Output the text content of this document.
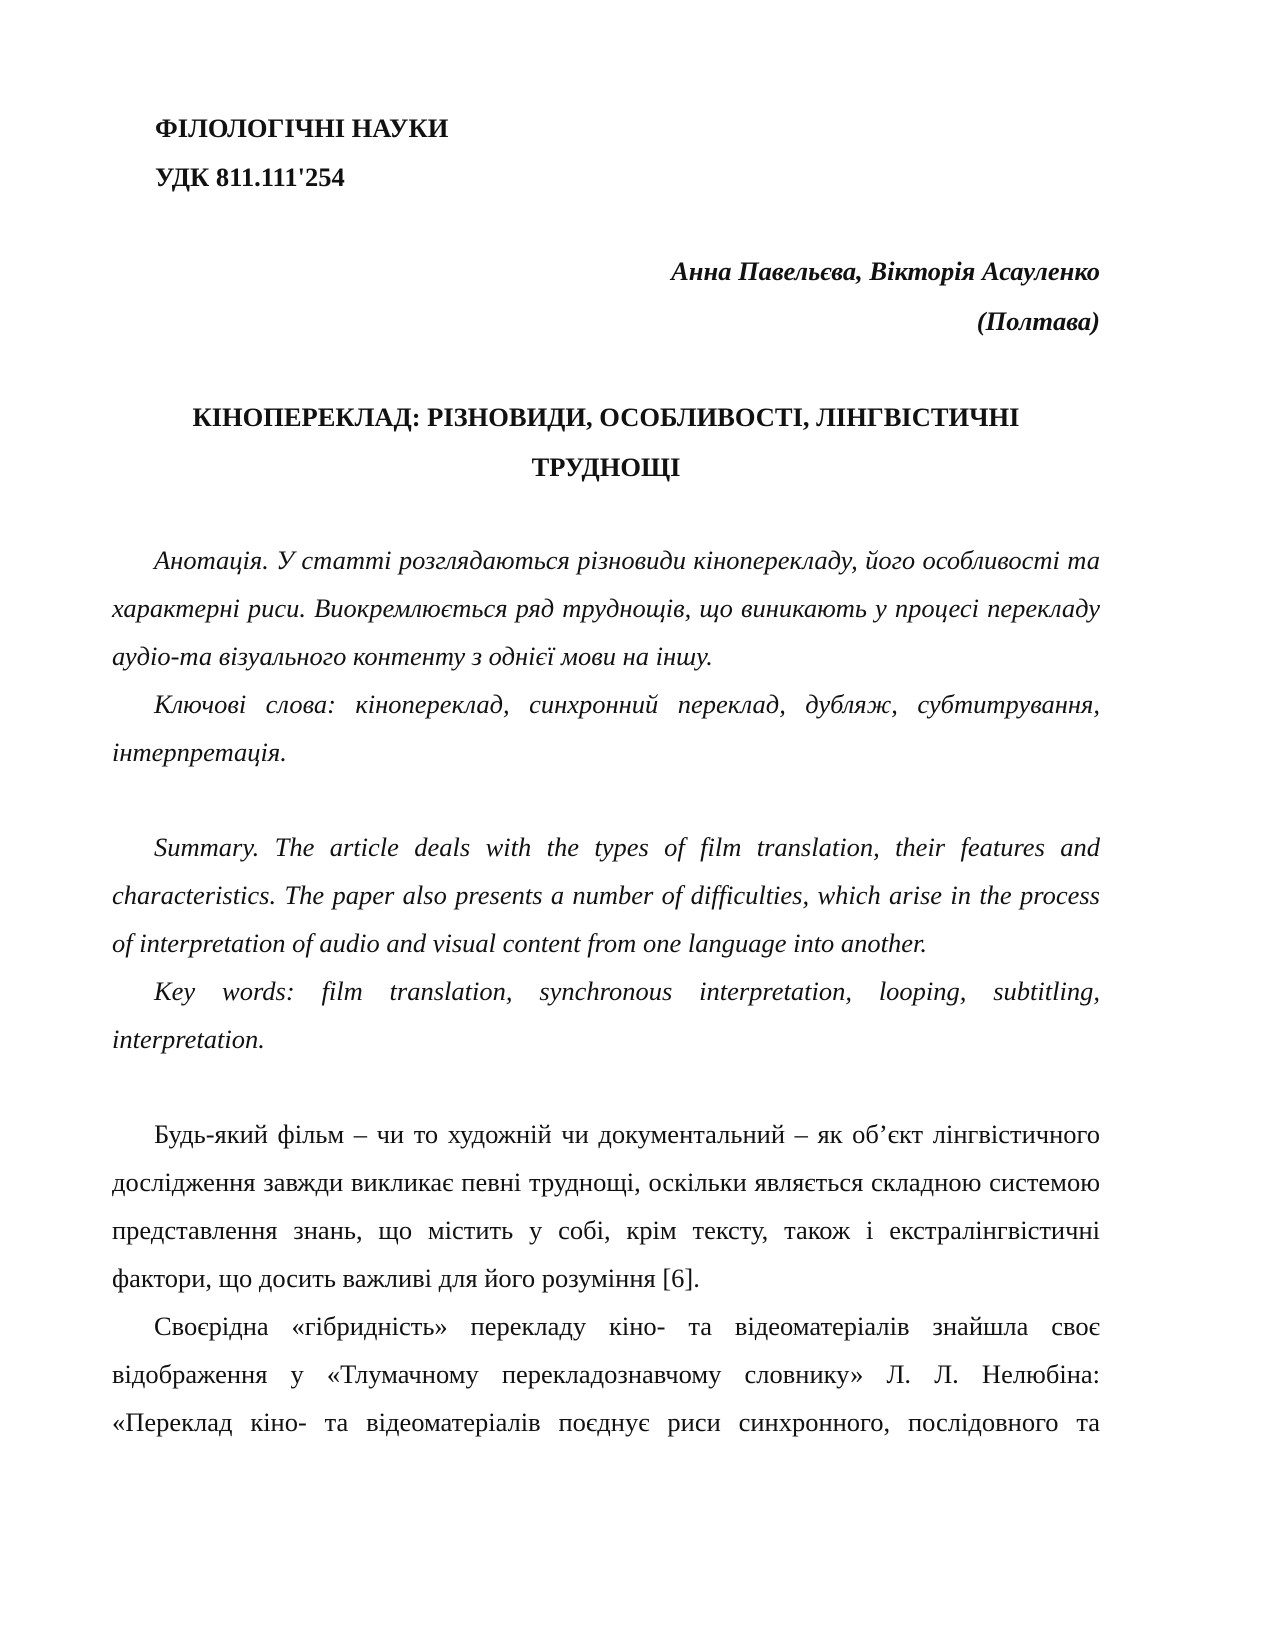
ФІЛОЛОГІЧНІ НАУКИ
УДК 811.111'254
Анна Павельєва, Вікторія Асауленко
(Полтава)
КІНОПЕРЕКЛАД: РІЗНОВИДИ, ОСОБЛИВОСТІ, ЛІНГВІСТИЧНІ ТРУДНОЩІ

Анотація. У статті розглядаються різновиди кіноперекладу, його особливості та характерні риси. Виокремлюється ряд труднощів, що виникають у процесі перекладу аудіо-та візуального контенту з однієї мови на іншу.

Ключові слова: кінопереклад, синхронний переклад, дубляж, субтитрування, інтерпретація.

Summary. The article deals with the types of film translation, their features and characteristics. The paper also presents a number of difficulties, which arise in the process of interpretation of audio and visual content from one language into another.

Key words: film translation, synchronous interpretation, looping, subtitling, interpretation.

Будь-який фільм – чи то художній чи документальний – як об’єкт лінгвістичного дослідження завжди викликає певні труднощі, оскільки являється складною системою представлення знань, що містить у собі, крім тексту, також і екстралінгвістичні фактори, що досить важливі для його розуміння [6].

Своєрідна «гібридність» перекладу кіно- та відеоматеріалів знайшла своє відображення у «Тлумачному перекладознавчому словнику» Л. Л. Нелюбіна: «Переклад кіно- та відеоматеріалів поєднує риси синхронного, послідовного та
